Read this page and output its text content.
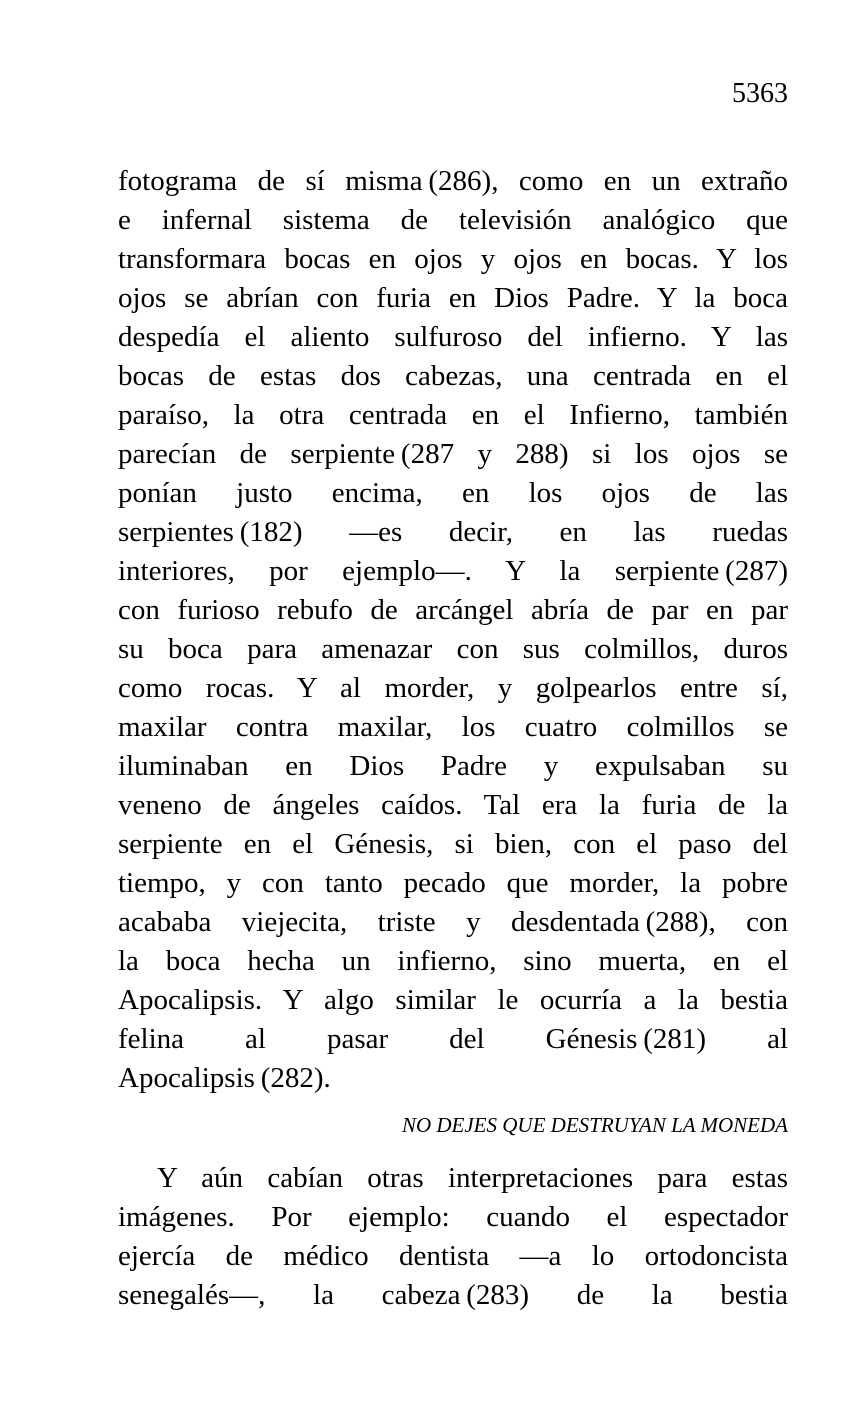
5363
fotograma de sí misma (286), como en un extraño
e infernal sistema de televisión analógico que
transformara bocas en ojos y ojos en bocas. Y los
ojos se abrían con furia en Dios Padre. Y la boca
despedía el aliento sulfuroso del infierno. Y las
bocas de estas dos cabezas, una centrada en el
paraíso, la otra centrada en el Infierno, también
parecían de serpiente (287 y 288) si los ojos se
ponían justo encima, en los ojos de las
serpientes (182) —es decir, en las ruedas
interiores, por ejemplo—. Y la serpiente (287)
con furioso rebufo de arcángel abría de par en par
su boca para amenazar con sus colmillos, duros
como rocas. Y al morder, y golpearlos entre sí,
maxilar contra maxilar, los cuatro colmillos se
iluminaban en Dios Padre y expulsaban su
veneno de ángeles caídos. Tal era la furia de la
serpiente en el Génesis, si bien, con el paso del
tiempo, y con tanto pecado que morder, la pobre
acababa viejecita, triste y desdentada (288), con
la boca hecha un infierno, sino muerta, en el
Apocalipsis. Y algo similar le ocurría a la bestia
felina al pasar del Génesis (281) al
Apocalipsis (282).
NO DEJES QUE DESTRUYAN LA MONEDA
Y aún cabían otras interpretaciones para estas
imágenes. Por ejemplo: cuando el espectador
ejercía de médico dentista —a lo ortodoncista
senegalés—, la cabeza (283) de la bestia
